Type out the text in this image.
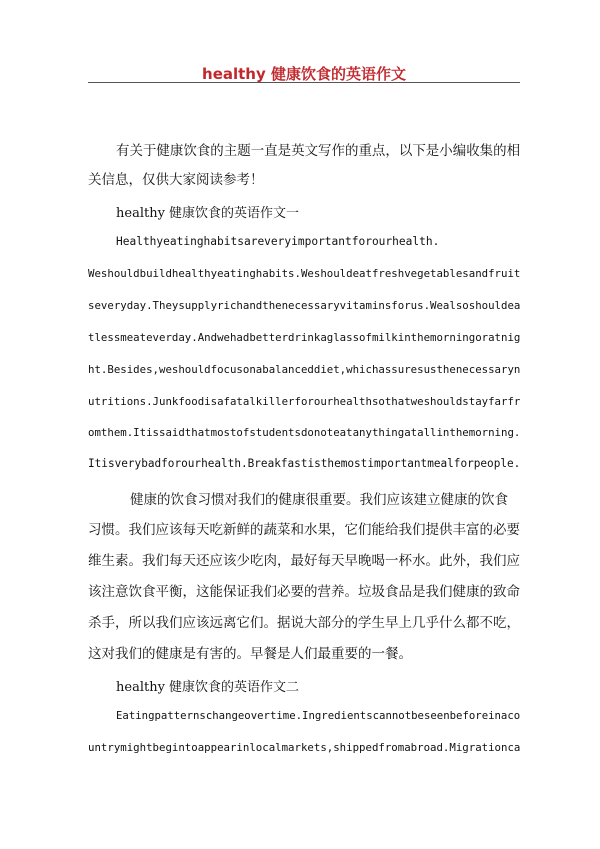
healthy 健康饮食的英语作文
有关于健康饮食的主题一直是英文写作的重点，以下是小编收集的相
关信息，仅供大家阅读参考！
healthy 健康饮食的英语作文一
Healthyeatinghabitsareveryimportantforourhealth.
Weshouldbuildhealthyeatinghabits.Weshouldeatfreshvegetablesandfruit
severyday.Theysupplyrichandthenecessaryvitaminsforus.Wealsoshouldea
tlessmeateverday.Andwehadbetterdrinkaglassofmilkinthemorningoratnig
ht.Besides,weshouldfocusonabalanceddiet,whichassuresusthenecessaryn
utritions.Junkfoodisafatalkillerforourhealthsothatweshouldstayfarfr
omthem.Itissaidthatmostofstudentsdonoteatanythingatallinthemorning.
Itisverybadforourhealth.Breakfastisthemostimportantmealforpeople.
健康的饮食习惯对我们的健康很重要。我们应该建立健康的饮食
习惯。我们应该每天吃新鲜的蔬菜和水果，它们能给我们提供丰富的必要
维生素。我们每天还应该少吃肉，最好每天早晚喝一杯水。此外，我们应
该注意饮食平衡，这能保证我们必要的营养。垃圾食品是我们健康的致命
杀手，所以我们应该远离它们。据说大部分的学生早上几乎什么都不吃，
这对我们的健康是有害的。早餐是人们最重要的一餐。
healthy 健康饮食的英语作文二
Eatingpatternschangeovertime.Ingredientscannotbeseenbeforeinaco
untrymightbegintoappearinlocalmarkets,shippedfromabroad.Migrationca
